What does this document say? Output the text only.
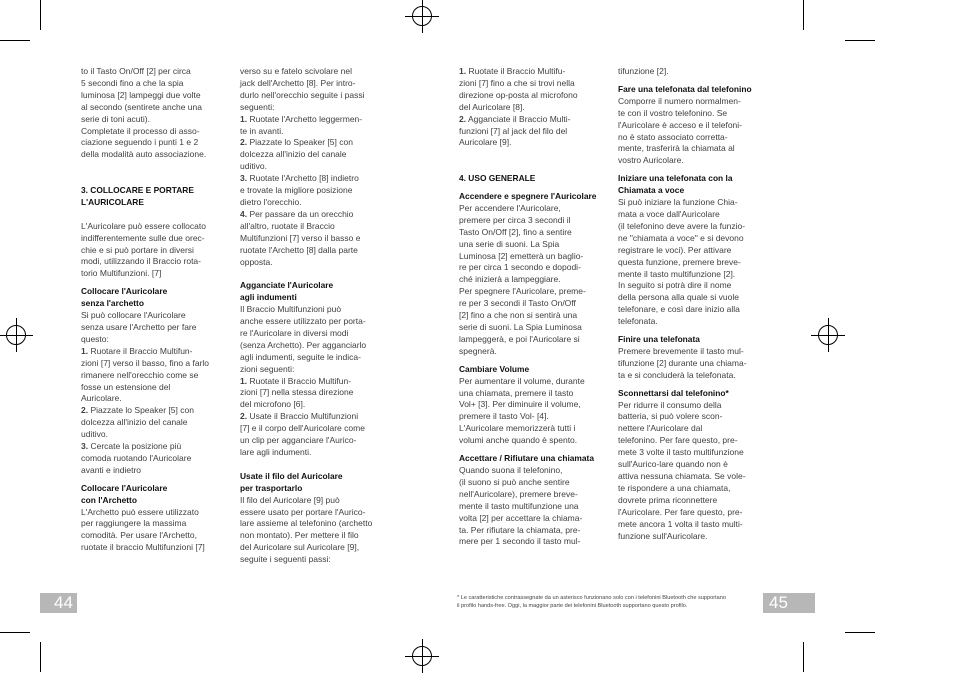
to il Tasto On/Off [2] per circa
5 secondi fino a che la spia
luminosa [2] lampeggi due volte
al secondo (sentirete anche una
serie di toni acuti).
Completate il processo di asso-
ciazione seguendo i punti 1 e 2
della modalità auto associazione.

3. COLLOCARE E PORTARE
L'AURICOLARE

L'Auricolare può essere collocato
indifferentemente sulle due orec-
chie e si può portare in diversi
modi, utilizzando il Braccio rota-
torio Multifunzioni. [7]

Collocare l'Auricolare
senza l'archetto

Si può collocare l'Auricolare
senza usare l'Archetto per fare
questo:

1. Ruotare il Braccio Multifun-
zioni [7] verso il basso, fino a farlo
rimanere nell'orecchio come se
fosse un estensione del
Auricolare.

2. Piazzate lo Speaker [5] con
dolcezza all'inizio del canale
uditivo.

3. Cercate la posizione più
comoda ruotando l'Auricolare
avanti e indietro

Collocare l'Auricolare
con l'Archetto

L'Archetto può essere utilizzato
per raggiungere la massima
comodità. Per usare l'Archetto,
ruotate il braccio Multifunzioni [7]

verso su e fatelo scivolare nel
jack dell'Archetto [8]. Per intro-
durlo nell'orecchio seguite i passi
seguenti:

1. Ruotate l'Archetto leggermen-
te in avanti.

2. Piazzate lo Speaker [5] con
dolcezza all'inizio del canale
uditivo.

3. Ruotate l'Archetto [8] indietro
e trovate la migliore posizione
dietro l'orecchio.

4. Per passare da un orecchio
all'altro, ruotate il Braccio
Multifunzioni [7] verso il basso e
ruotate l'Archetto [8] dalla parte
opposta.

Agganciate l'Auricolare
agli indumenti

Il Braccio Multifunzioni può
anche essere utilizzato per porta-
re l'Auricolare in diversi modi
(senza Archetto). Per agganciarlo
agli indumenti, seguite le indica-
zioni seguenti:

1. Ruotate il Braccio Multifun-
zioni [7] nella stessa direzione
del microfono [6].

2. Usate il Braccio Multifunzioni
[7] e il corpo dell'Auricolare come
un clip per agganciare l'Aurico-
lare agli indumenti.

Usate il filo del Auricolare
per trasportarlo

Il filo del Auricolare [9] può
essere usato per portare l'Aurico-
lare assieme al telefonino (archetto
non montato). Per mettere il filo
del Auricolare sul Auricolare [9],
seguite i seguenti passi:

1. Ruotate il Braccio Multifu-
zioni [7] fino a che si trovi nella
direzione op-posta al microfono
del Auricolare [8].

2. Agganciate il Braccio Multi-
funzioni [7] al jack del filo del
Auricolare [9].

4. USO GENERALE
Accendere e spegnere l'Auricolare

Per accendere l'Auricolare,
premere per circa 3 secondi il
Tasto On/Off [2], fino a sentire
una serie di suoni. La Spia
Luminosa [2] emetterà un baglio-
re per circa 1 secondo e dopodi-
ché inizierà a lampeggiare.
Per spegnere l'Auricolare, preme-
re per 3 secondi il Tasto On/Off
[2] fino a che non si sentirà una
serie di suoni. La Spia Luminosa
lampeggerà, e poi l'Auricolare si
spegnerà.

Cambiare Volume

Per aumentare il volume, durante
una chiamata, premere il tasto
Vol+ [3]. Per diminuire il volume,
premere il tasto Vol- [4].
L'Auricolare memorizzerà tutti i
volumi anche quando è spento.

Accettare / Rifiutare una chiamata

Quando suona il telefonino,
(il suono si può anche sentire
nell'Auricolare), premere breve-
mente il tasto multifunzione una
volta [2] per accettare la chiama-
ta. Per rifiutare la chiamata, pre-
mere per 1 secondo il tasto mul-

tifunzione [2].

Fare una telefonata dal telefonino

Comporre il numero normalmen-
te con il vostro telefonino. Se
l'Auricolare è acceso e il telefoni-
no è stato associato corretta-
mente, trasferirà la chiamata al
vostro Auricolare.

Iniziare una telefonata con la
Chiamata a voce

Si può iniziare la funzione Chia-
mata a voce dall'Auricolare
(il telefonino deve avere la funzio-
ne "chiamata a voce" e si devono
registrare le voci). Per attivare
questa funzione, premere breve-
mente il tasto multifunzione [2].
In seguito si potrà dire il nome
della persona alla quale si vuole
telefonare, e così dare inizio alla
telefonata.

Finire una telefonata

Premere brevemente il tasto mul-
tifunzione [2] durante una chiama-
ta e si concluderà la telefonata.

Sconnettarsi dal telefonino*

Per ridurre il consumo della
batteria, si può volere scon-
nettere l'Auricolare dal
telefonino. Per fare questo, pre-
mete 3 volte il tasto multifunzione
sull'Aurico-lare quando non è
attiva nessuna chiamata. Se vole-
te rispondere a una chiamata,
dovrete prima riconnettere
l'Auricolare. Per fare questo, pre-
mete ancora 1 volta il tasto multi-
funzione sull'Auricolare.

44	45
* Le caratteristiche contrassegnate da un asterisco funzionano solo con i telefonini Bluetooth che supportano
il profilo hands-free. Oggi, la maggior parte dei telefonini Bluetooth supportano questo profilo.
